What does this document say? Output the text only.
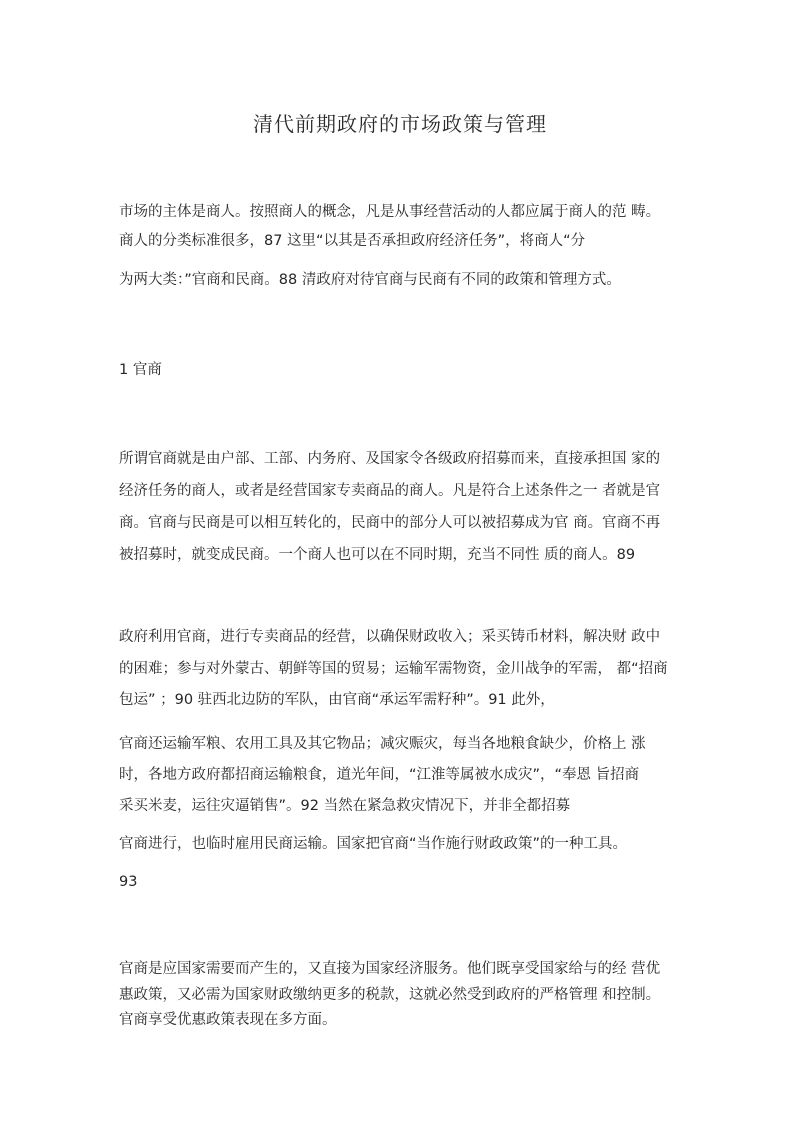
清代前期政府的市场政策与管理
市场的主体是商人。按照商人的概念，凡是从事经营活动的人都应属于商人的范 畴。
商人的分类标准很多，87 这里“以其是否承担政府经济任务”，将商人“分
为两大类：”官商和民商。88 清政府对待官商与民商有不同的政策和管理方式。
1 官商
所谓官商就是由户部、工部、内务府、及国家令各级政府招募而来，直接承担国 家的
经济任务的商人，或者是经营国家专卖商品的商人。凡是符合上述条件之一 者就是官
商。官商与民商是可以相互转化的，民商中的部分人可以被招募成为官 商。官商不再
被招募时，就变成民商。一个商人也可以在不同时期，充当不同性 质的商人。89
政府利用官商，进行专卖商品的经营，以确保财政收入；采买铸币材料，解决财 政中
的困难；参与对外蒙古、朝鲜等国的贸易；运输军需物资，金川战争的军需， 都“招商
包运” ；90 驻西北边防的军队，由官商“承运军需籽种”。91 此外，
官商还运输军粮、农用工具及其它物品；减灾赈灾，每当各地粮食缺少，价格上 涨
时，各地方政府都招商运输粮食，道光年间，“江淮等属被水成灾”，“奉恩 旨招商
采买米麦，运往灾逼销售”。92 当然在紧急救灾情况下，并非全都招募
官商进行，也临时雇用民商运输。国家把官商“当作施行财政政策”的一种工具。
93
官商是应国家需要而产生的，又直接为国家经济服务。他们既享受国家给与的经 营优
惠政策，又必需为国家财政缴纳更多的税款，这就必然受到政府的严格管理 和控制。
官商享受优惠政策表现在多方面。
